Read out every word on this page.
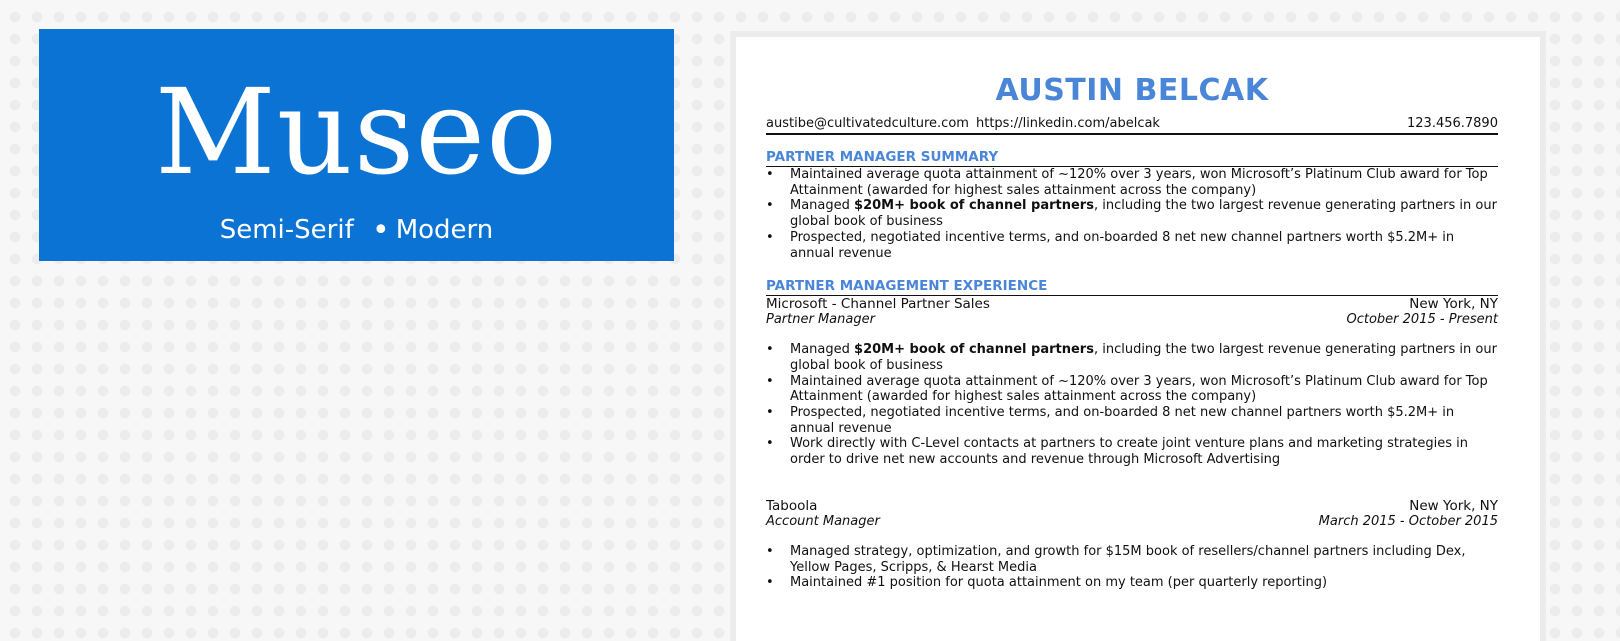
Museo
Semi-Serif • Modern
AUSTIN BELCAK
austibe@cultivatedculture.com https://linkedin.com/abelcak	123.456.7890
PARTNER MANAGER SUMMARY
• Maintained average quota attainment of ~120% over 3 years, won Microsoft’s Platinum Club award for Top Attainment (awarded for highest sales attainment across the company)
• Managed $20M+ book of channel partners, including the two largest revenue generating partners in our global book of business
• Prospected, negotiated incentive terms, and on-boarded 8 net new channel partners worth $5.2M+ in annual revenue
PARTNER MANAGEMENT EXPERIENCE
Microsoft - Channel Partner Sales	New York, NY
Partner Manager	October 2015 - Present
• Managed $20M+ book of channel partners, including the two largest revenue generating partners in our global book of business
• Maintained average quota attainment of ~120% over 3 years, won Microsoft’s Platinum Club award for Top Attainment (awarded for highest sales attainment across the company)
• Prospected, negotiated incentive terms, and on-boarded 8 net new channel partners worth $5.2M+ in annual revenue
• Work directly with C-Level contacts at partners to create joint venture plans and marketing strategies in order to drive net new accounts and revenue through Microsoft Advertising
Taboola	New York, NY
Account Manager	March 2015 - October 2015
• Managed strategy, optimization, and growth for $15M book of resellers/channel partners including Dex, Yellow Pages, Scripps, & Hearst Media
• Maintained #1 position for quota attainment on my team (per quarterly reporting)
